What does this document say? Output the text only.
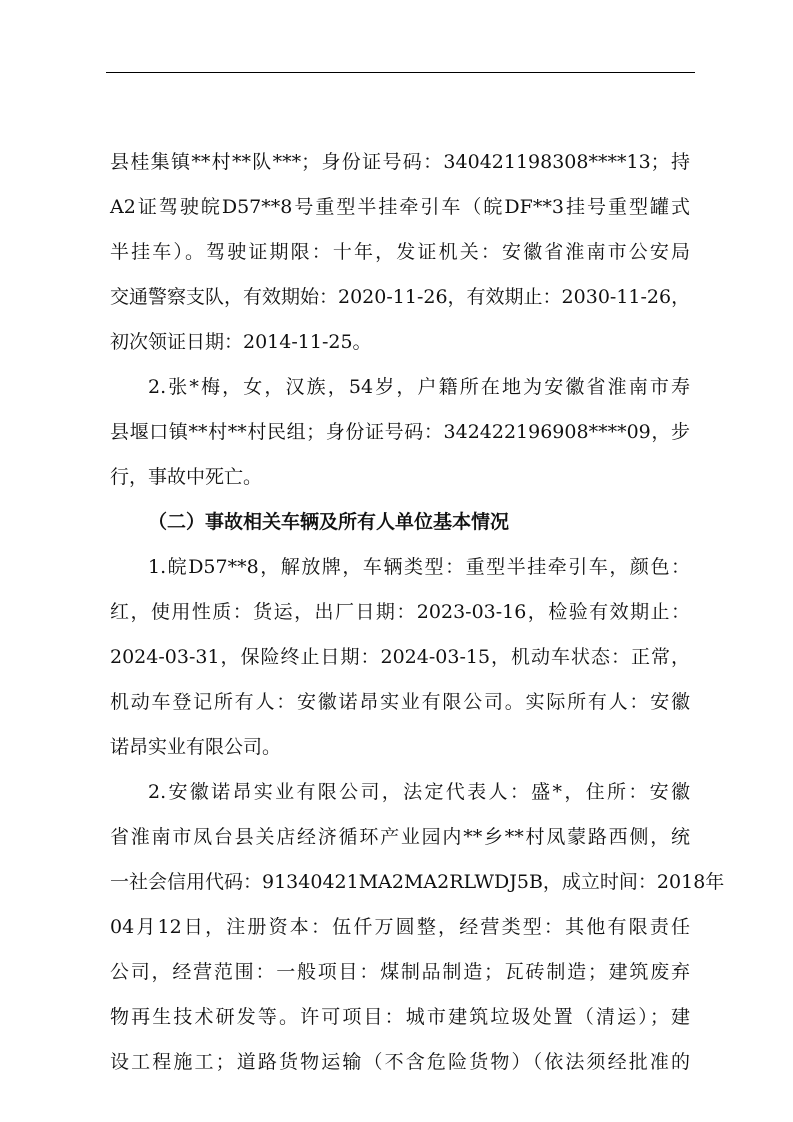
县桂集镇**村**队***；身份证号码：340421198308****13；持
A2证驾驶皖D57**8号重型半挂牵引车（皖DF**3挂号重型罐式
半挂车）。驾驶证期限：十年，发证机关：安徽省淮南市公安局
交通警察支队，有效期始：2020-11-26，有效期止：2030-11-26，
初次领证日期：2014-11-25。
2.张*梅，女，汉族，54岁，户籍所在地为安徽省淮南市寿
县堰口镇**村**村民组；身份证号码：342422196908****09，步
行，事故中死亡。
（二）事故相关车辆及所有人单位基本情况
1.皖D57**8，解放牌，车辆类型：重型半挂牵引车，颜色：
红，使用性质：货运，出厂日期：2023-03-16，检验有效期止：
2024-03-31，保险终止日期：2024-03-15，机动车状态：正常，
机动车登记所有人：安徽诺昂实业有限公司。实际所有人：安徽
诺昂实业有限公司。
2.安徽诺昂实业有限公司，法定代表人：盛*，住所：安徽
省淮南市凤台县关店经济循环产业园内**乡**村凤蒙路西侧，统
一社会信用代码：91340421MA2MA2RLWDJ5B，成立时间：2018年
04月12日，注册资本：伍仟万圆整，经营类型：其他有限责任
公司，经营范围：一般项目：煤制品制造；瓦砖制造；建筑废弃
物再生技术研发等。许可项目：城市建筑垃圾处置（清运）；建
设工程施工；道路货物运输（不含危险货物）（依法须经批准的
